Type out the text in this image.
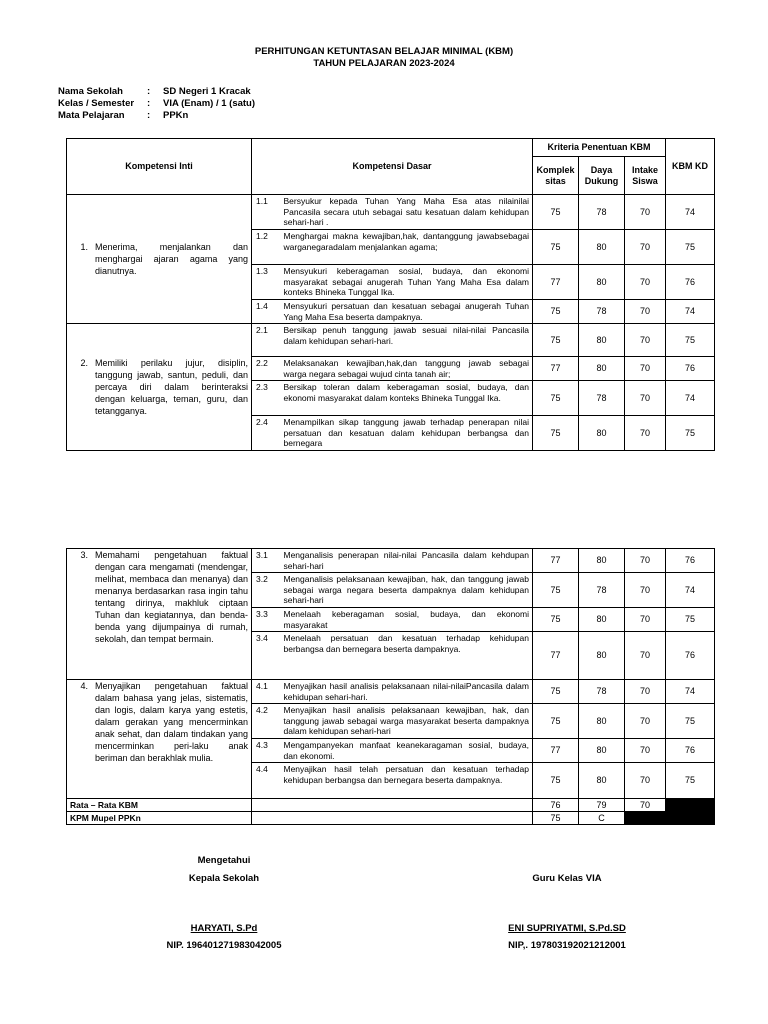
PERHITUNGAN KETUNTASAN BELAJAR MINIMAL (KBM)
TAHUN PELAJARAN 2023-2024
Nama Sekolah	: SD Negeri 1 Kracak
Kelas / Semester : VIA (Enam) / 1 (satu)
Mata Pelajaran : PPKn
Kompetensi Inti	Kompetensi Dasar		Kriteria Penentuan KBM			KBM KD
			Komplek sitas	Daya Dukung	Intake Siswa	

1. Menerima, menjalankan dan menghargai ajaran agama yang dianutnya.	1.1	Bersyukur kepada Tuhan Yang Maha Esa atas nilainilai Pancasila secara utuh sebagai satu kesatuan dalam kehidupan sehari-hari .	75	78	70	74
	1.2	Menghargai makna kewajiban,hak, dantanggung jawabsebagai warganegaradalam menjalankan agama;	75	80	70	75
	1.3	Mensyukuri keberagaman sosial, budaya, dan ekonomi masyarakat sebagai anugerah Tuhan Yang Maha Esa dalam konteks Bhineka Tunggal Ika.	77	80	70	76
	1.4	Mensyukuri persatuan dan kesatuan sebagai anugerah Tuhan Yang Maha Esa beserta dampaknya.	75	78	70	74

2. Memiliki perilaku jujur, disiplin, tanggung jawab, santun, peduli, dan percaya diri dalam berinteraksi dengan keluarga, teman, guru, dan tetangganya.	2.1	Bersikap penuh tanggung jawab sesuai nilai-nilai Pancasila dalam kehidupan sehari-hari.	75	80	70	75
	2.2	Melaksanakan kewajiban,hak,dan tanggung jawab sebagai warga negara sebagai wujud cinta tanah air;	77	80	70	76
	2.3	Bersikap toleran dalam keberagaman sosial, budaya, dan ekonomi masyarakat dalam konteks Bhineka Tunggal Ika.	75	78	70	74
	2.4	Menampilkan sikap tanggung jawab terhadap penerapan nilai persatuan dan kesatuan dalam kehidupan berbangsa dan bernegara	75	80	70	75
3. Memahami pengetahuan faktual dengan cara mengamati (mendengar, melihat, membaca dan menanya) dan menanya berdasarkan rasa ingin tahu tentang dirinya, makhluk ciptaan Tuhan dan kegiatannya, dan benda-benda yang dijumpainya di rumah, sekolah, dan tempat bermain.	3.1	Menganalisis penerapan nilai-nilai Pancasila dalam kehdupan sehari-hari	77	80	70	76
	3.2	Menganalisis pelaksanaan kewajiban, hak, dan tanggung jawab sebagai warga negara beserta dampaknya dalam kehidupan sehari-hari	75	78	70	74
	3.3	Menelaah keberagaman sosial, budaya, dan ekonomi masyarakat	75	80	70	75
	3.4	Menelaah persatuan dan kesatuan terhadap kehidupan berbangsa dan bernegara beserta dampaknya.	77	80	70	76

4. Menyajikan pengetahuan faktual dalam bahasa yang jelas, sistematis, dan logis, dalam karya yang estetis, dalam gerakan yang mencerminkan anak sehat, dan dalam tindakan yang mencerminkan peri-laku anak beriman dan berakhlak mulia.	4.1	Menyajikan hasil analisis pelaksanaan nilai-nilaiPancasila dalam kehidupan sehari-hari.	75	78	70	74
	4.2	Menyajikan hasil analisis pelaksanaan kewajiban, hak, dan tanggung jawab sebagai warga masyarakat beserta dampaknya dalam kehidupan sehari-hari	75	80	70	75
	4.3	Mengampanyekan manfaat keanekaragaman sosial, budaya, dan ekonomi.	77	80	70	76
	4.4	Menyajikan hasil telah persatuan dan kesatuan terhadap kehidupan berbangsa dan bernegara beserta dampaknya.	75	80	70	75
Rata – Rata KBM			76	79	70	
KPM Mupel PPKn			75	C		
Mengetahui
Kepala Sekolah
HARYATI, S.Pd
NIP. 196401271983042005
Guru Kelas VIA
ENI SUPRIYATMI, S.Pd.SD
NIP,. 197803192021212001
